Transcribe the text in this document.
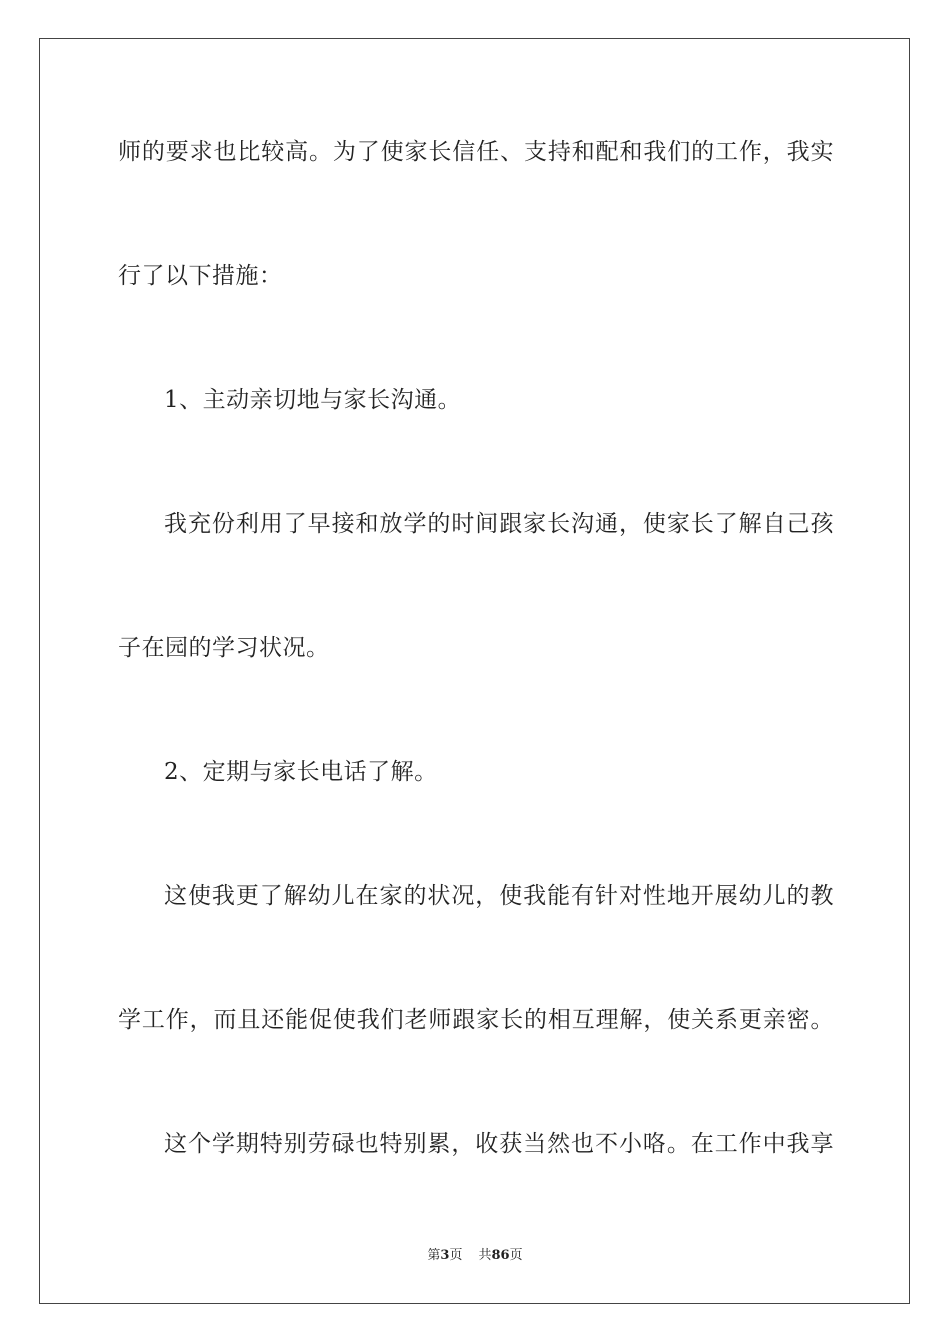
师的要求也比较高。为了使家长信任、支持和配和我们的工作，我实
行了以下措施：
1、主动亲切地与家长沟通。
我充份利用了早接和放学的时间跟家长沟通，使家长了解自己孩
子在园的学习状况。
2、定期与家长电话了解。
这使我更了解幼儿在家的状况，使我能有针对性地开展幼儿的教
学工作，而且还能促使我们老师跟家长的相互理解，使关系更亲密。
这个学期特别劳碌也特别累，收获当然也不小咯。在工作中我享
第3页 共86页
